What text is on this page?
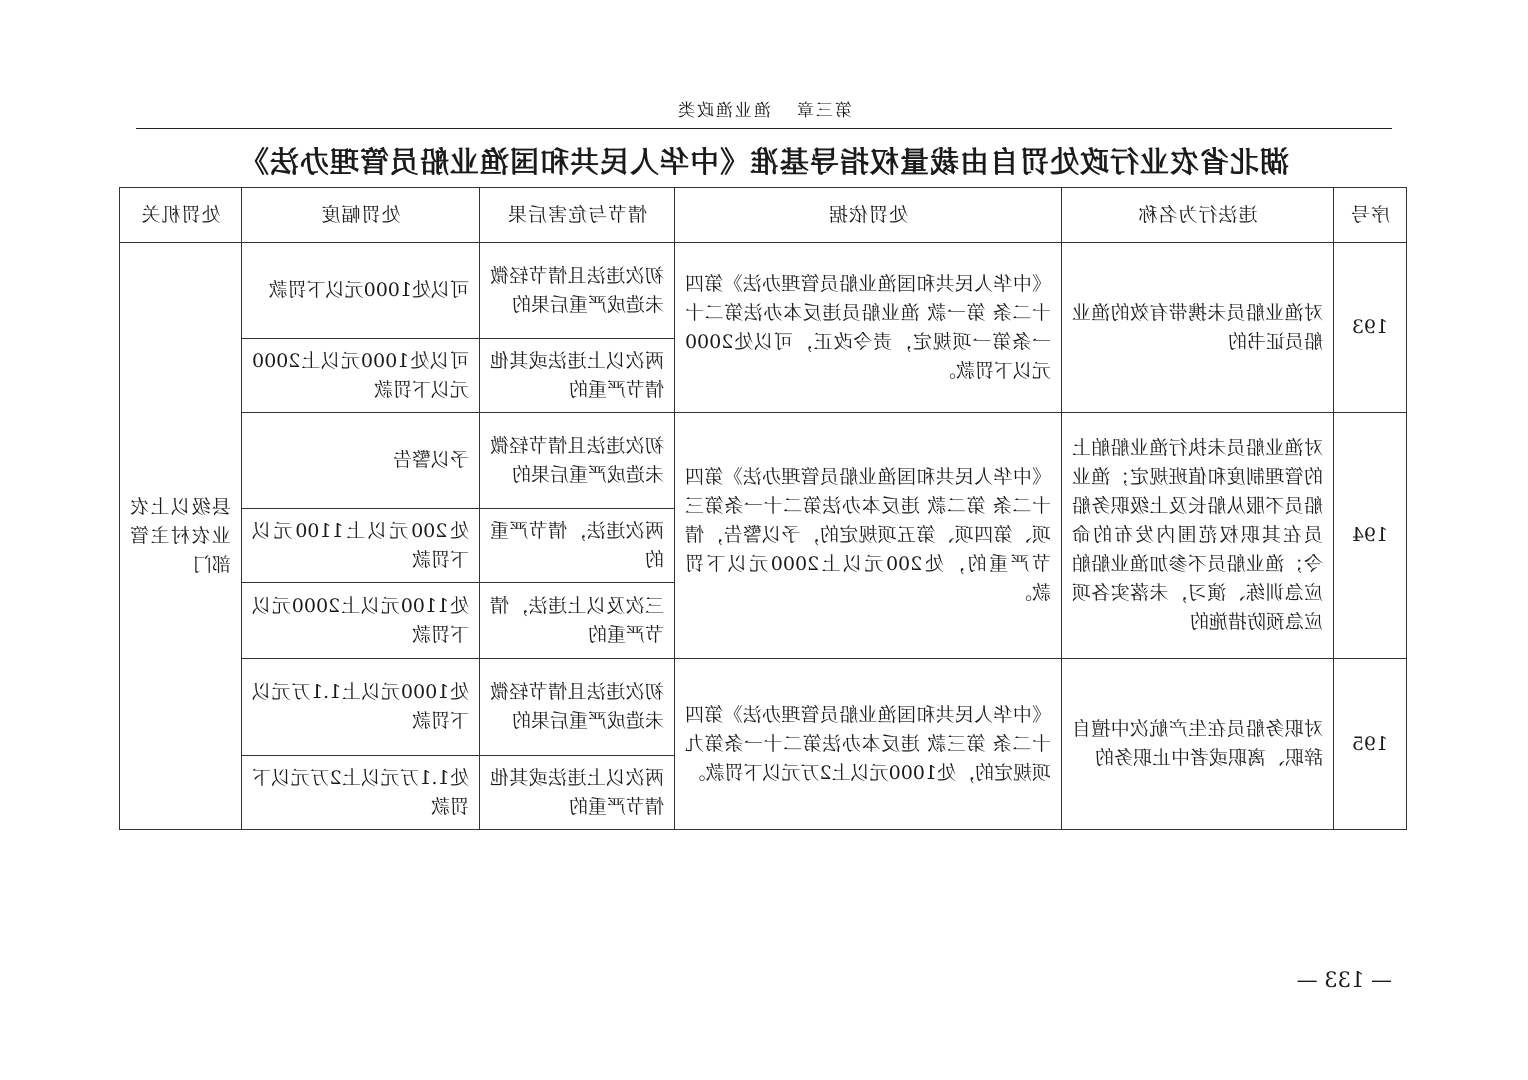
第三章渔业渔政类
湖北省农业行政处罚自由裁量权指导基准《中华人民共和国渔业船员管理办法》
序号	违法行为名称	处罚依据	情节与危害后果	处罚幅度	处罚机关
193	对渔业船员未携带有效的渔业船员证书的	《中华人民共和国渔业船员管理办法》第四十二条 第一款 渔业船员违反本办法第二十一条第一项规定，责令改正，可以处2000元以下罚款。	初次违法且情节轻微未造成严重后果的	可以处1000元以下罚款	县级以上农业农村主管部门
			两次以上违法或其他情节严重的	可以处1000元以上2000元以下罚款	
194	对渔业船员未执行渔业船舶上的管理制度和值班规定；渔业船员不服从船长及上级职务船员在其职权范围内发布的命令；渔业船员不参加渔业船舶应急训练、演习，未落实各项应急预防措施的	《中华人民共和国渔业船员管理办法》第四十二条 第二款 违反本办法第二十一条第三项、第四项、第五项规定的，予以警告，情节严重的，处200元以上2000元以下罚款。	初次违法且情节轻微未造成严重后果的	予以警告	
			两次违法，情节严重的	处200元以上1100元以下罚款	
			三次及以上违法，情节严重的	处1100元以上2000元以下罚款	
195	对职务船员在生产航次中擅自辞职、离职或者中止职务的	《中华人民共和国渔业船员管理办法》第四十二条 第三款 违反本办法第二十一条第九项规定的，处1000元以上2万元以下罚款。	初次违法且情节轻微未造成严重后果的	处1000元以上1.1万元以下罚款	
			两次以上违法或其他情节严重的	处1.1万元以上2万元以下罚款	
— 133 —
